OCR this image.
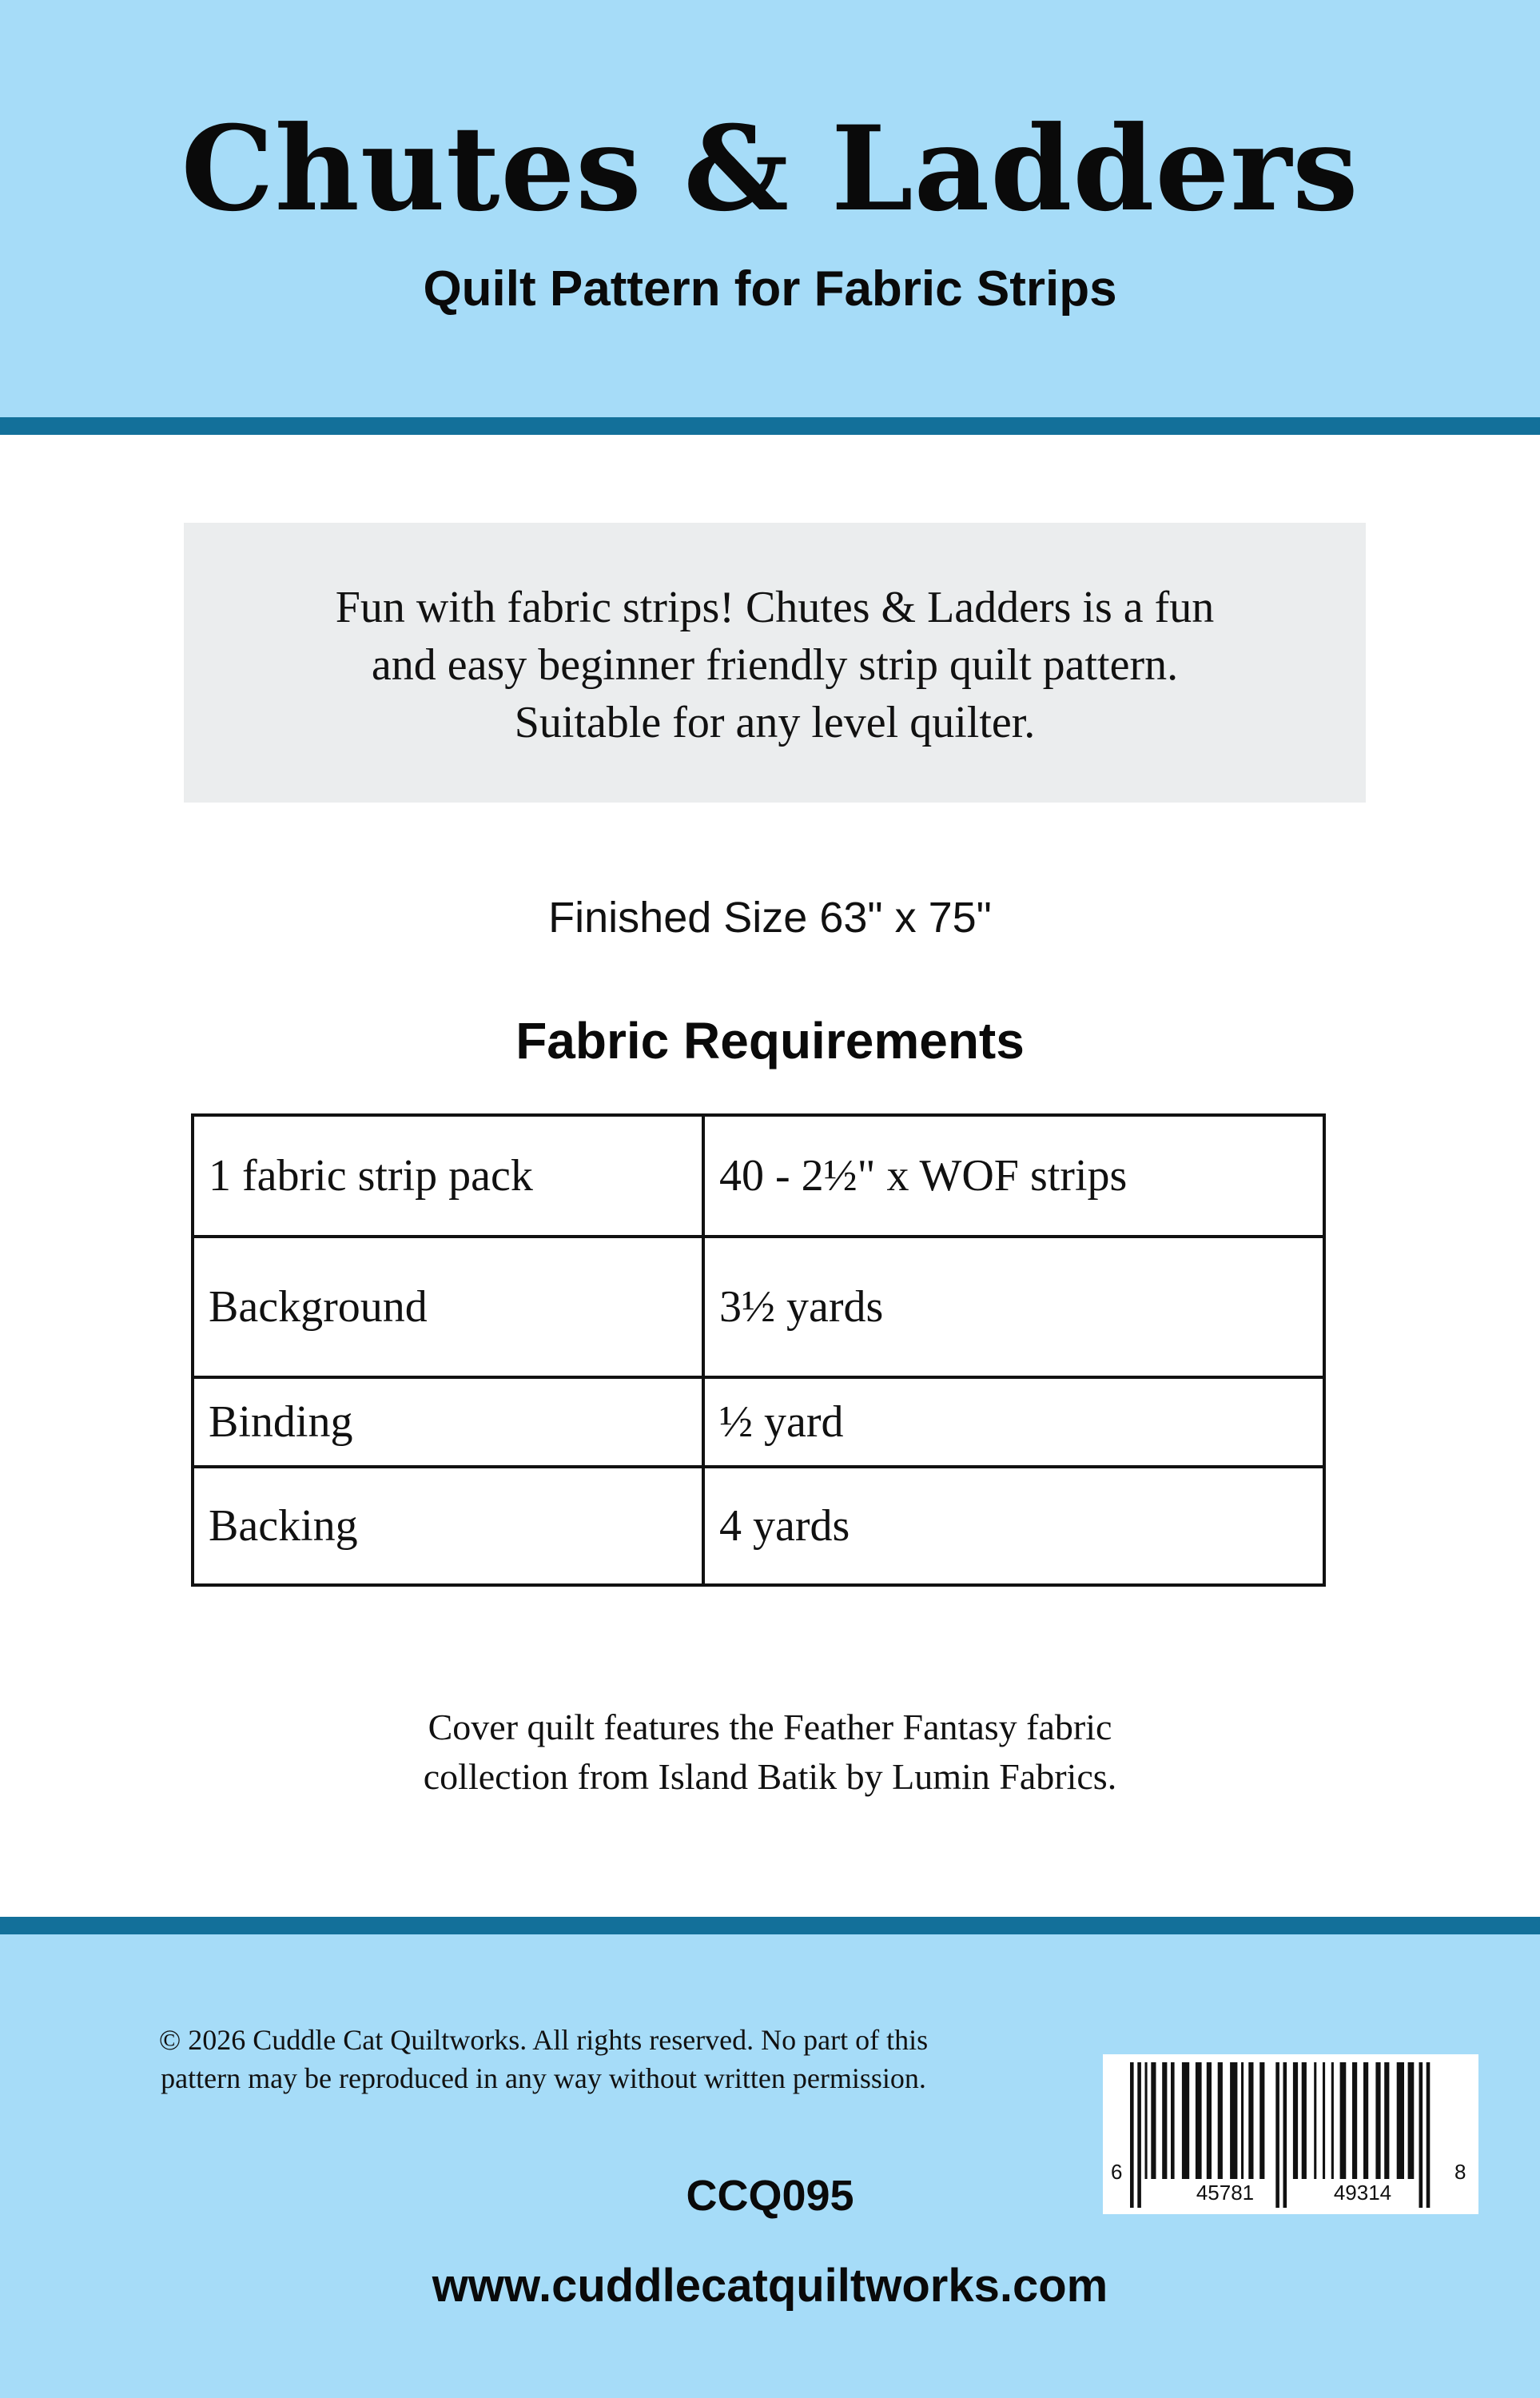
Chutes & Ladders
Quilt Pattern for Fabric Strips
Fun with fabric strips! Chutes & Ladders is a fun
and easy beginner friendly strip quilt pattern.
Suitable for any level quilter.
Finished Size 63" x 75"
Fabric Requirements
1 fabric strip pack	40 - 2½" x WOF strips
Background	3½ yards
Binding	½ yard
Backing	4 yards
Cover quilt features the Feather Fantasy fabric
collection from Island Batik by Lumin Fabrics.
© 2026 Cuddle Cat Quiltworks. All rights reserved. No part of this
pattern may be reproduced in any way without written permission.
6
45781	49314
8
CCQ095
www.cuddlecatquiltworks.com
